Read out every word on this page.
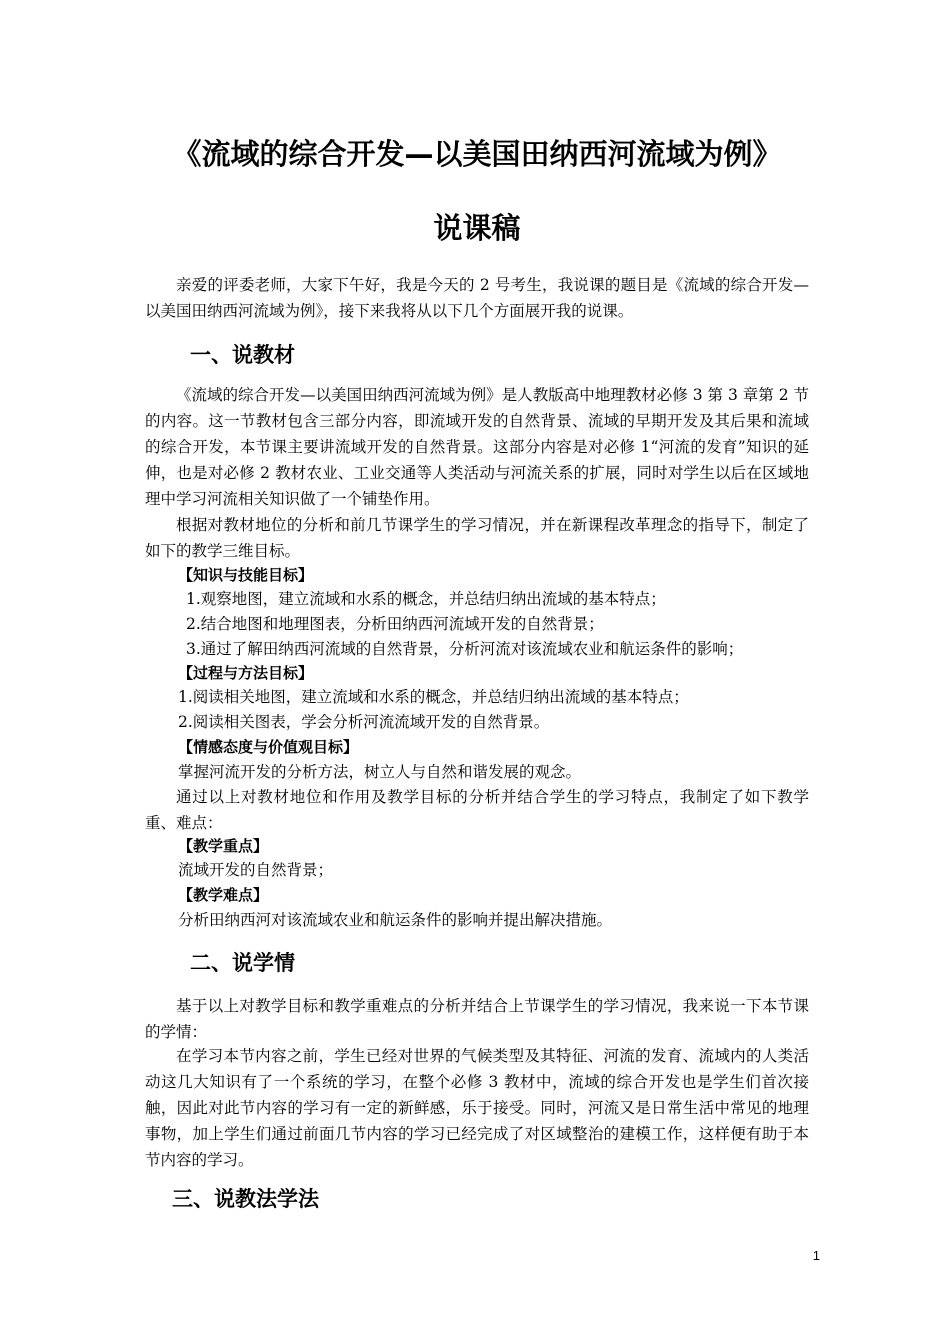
《流域的综合开发—以美国田纳西河流域为例》
说课稿

亲爱的评委老师，大家下午好，我是今天的 2 号考生，我说课的题目是《流域的综合开发—以美国田纳西河流域为例》，接下来我将从以下几个方面展开我的说课。

一、说教材

《流域的综合开发—以美国田纳西河流域为例》是人教版高中地理教材必修 3 第 3 章第 2 节的内容。这一节教材包含三部分内容，即流域开发的自然背景、流域的早期开发及其后果和流域的综合开发，本节课主要讲流域开发的自然背景。这部分内容是对必修 1“河流的发育”知识的延伸，也是对必修 2 教材农业、工业交通等人类活动与河流关系的扩展，同时对学生以后在区域地理中学习河流相关知识做了一个铺垫作用。

根据对教材地位的分析和前几节课学生的学习情况，并在新课程改革理念的指导下，制定了如下的教学三维目标。

【知识与技能目标】
1.观察地图，建立流域和水系的概念，并总结归纳出流域的基本特点；
2.结合地图和地理图表，分析田纳西河流域开发的自然背景；
3.通过了解田纳西河流域的自然背景，分析河流对该流域农业和航运条件的影响；
【过程与方法目标】
1.阅读相关地图，建立流域和水系的概念，并总结归纳出流域的基本特点；
2.阅读相关图表，学会分析河流流域开发的自然背景。
【情感态度与价值观目标】
掌握河流开发的分析方法，树立人与自然和谐发展的观念。

通过以上对教材地位和作用及教学目标的分析并结合学生的学习特点，我制定了如下教学重、难点：

【教学重点】
流域开发的自然背景；
【教学难点】
分析田纳西河对该流域农业和航运条件的影响并提出解决措施。
二、说学情

基于以上对教学目标和教学重难点的分析并结合上节课学生的学习情况，我来说一下本节课的学情：

在学习本节内容之前，学生已经对世界的气候类型及其特征、河流的发育、流域内的人类活动这几大知识有了一个系统的学习，在整个必修 3 教材中，流域的综合开发也是学生们首次接触，因此对此节内容的学习有一定的新鲜感，乐于接受。同时，河流又是日常生活中常见的地理事物，加上学生们通过前面几节内容的学习已经完成了对区域整治的建模工作，这样便有助于本节内容的学习。

三、说教法学法
1
